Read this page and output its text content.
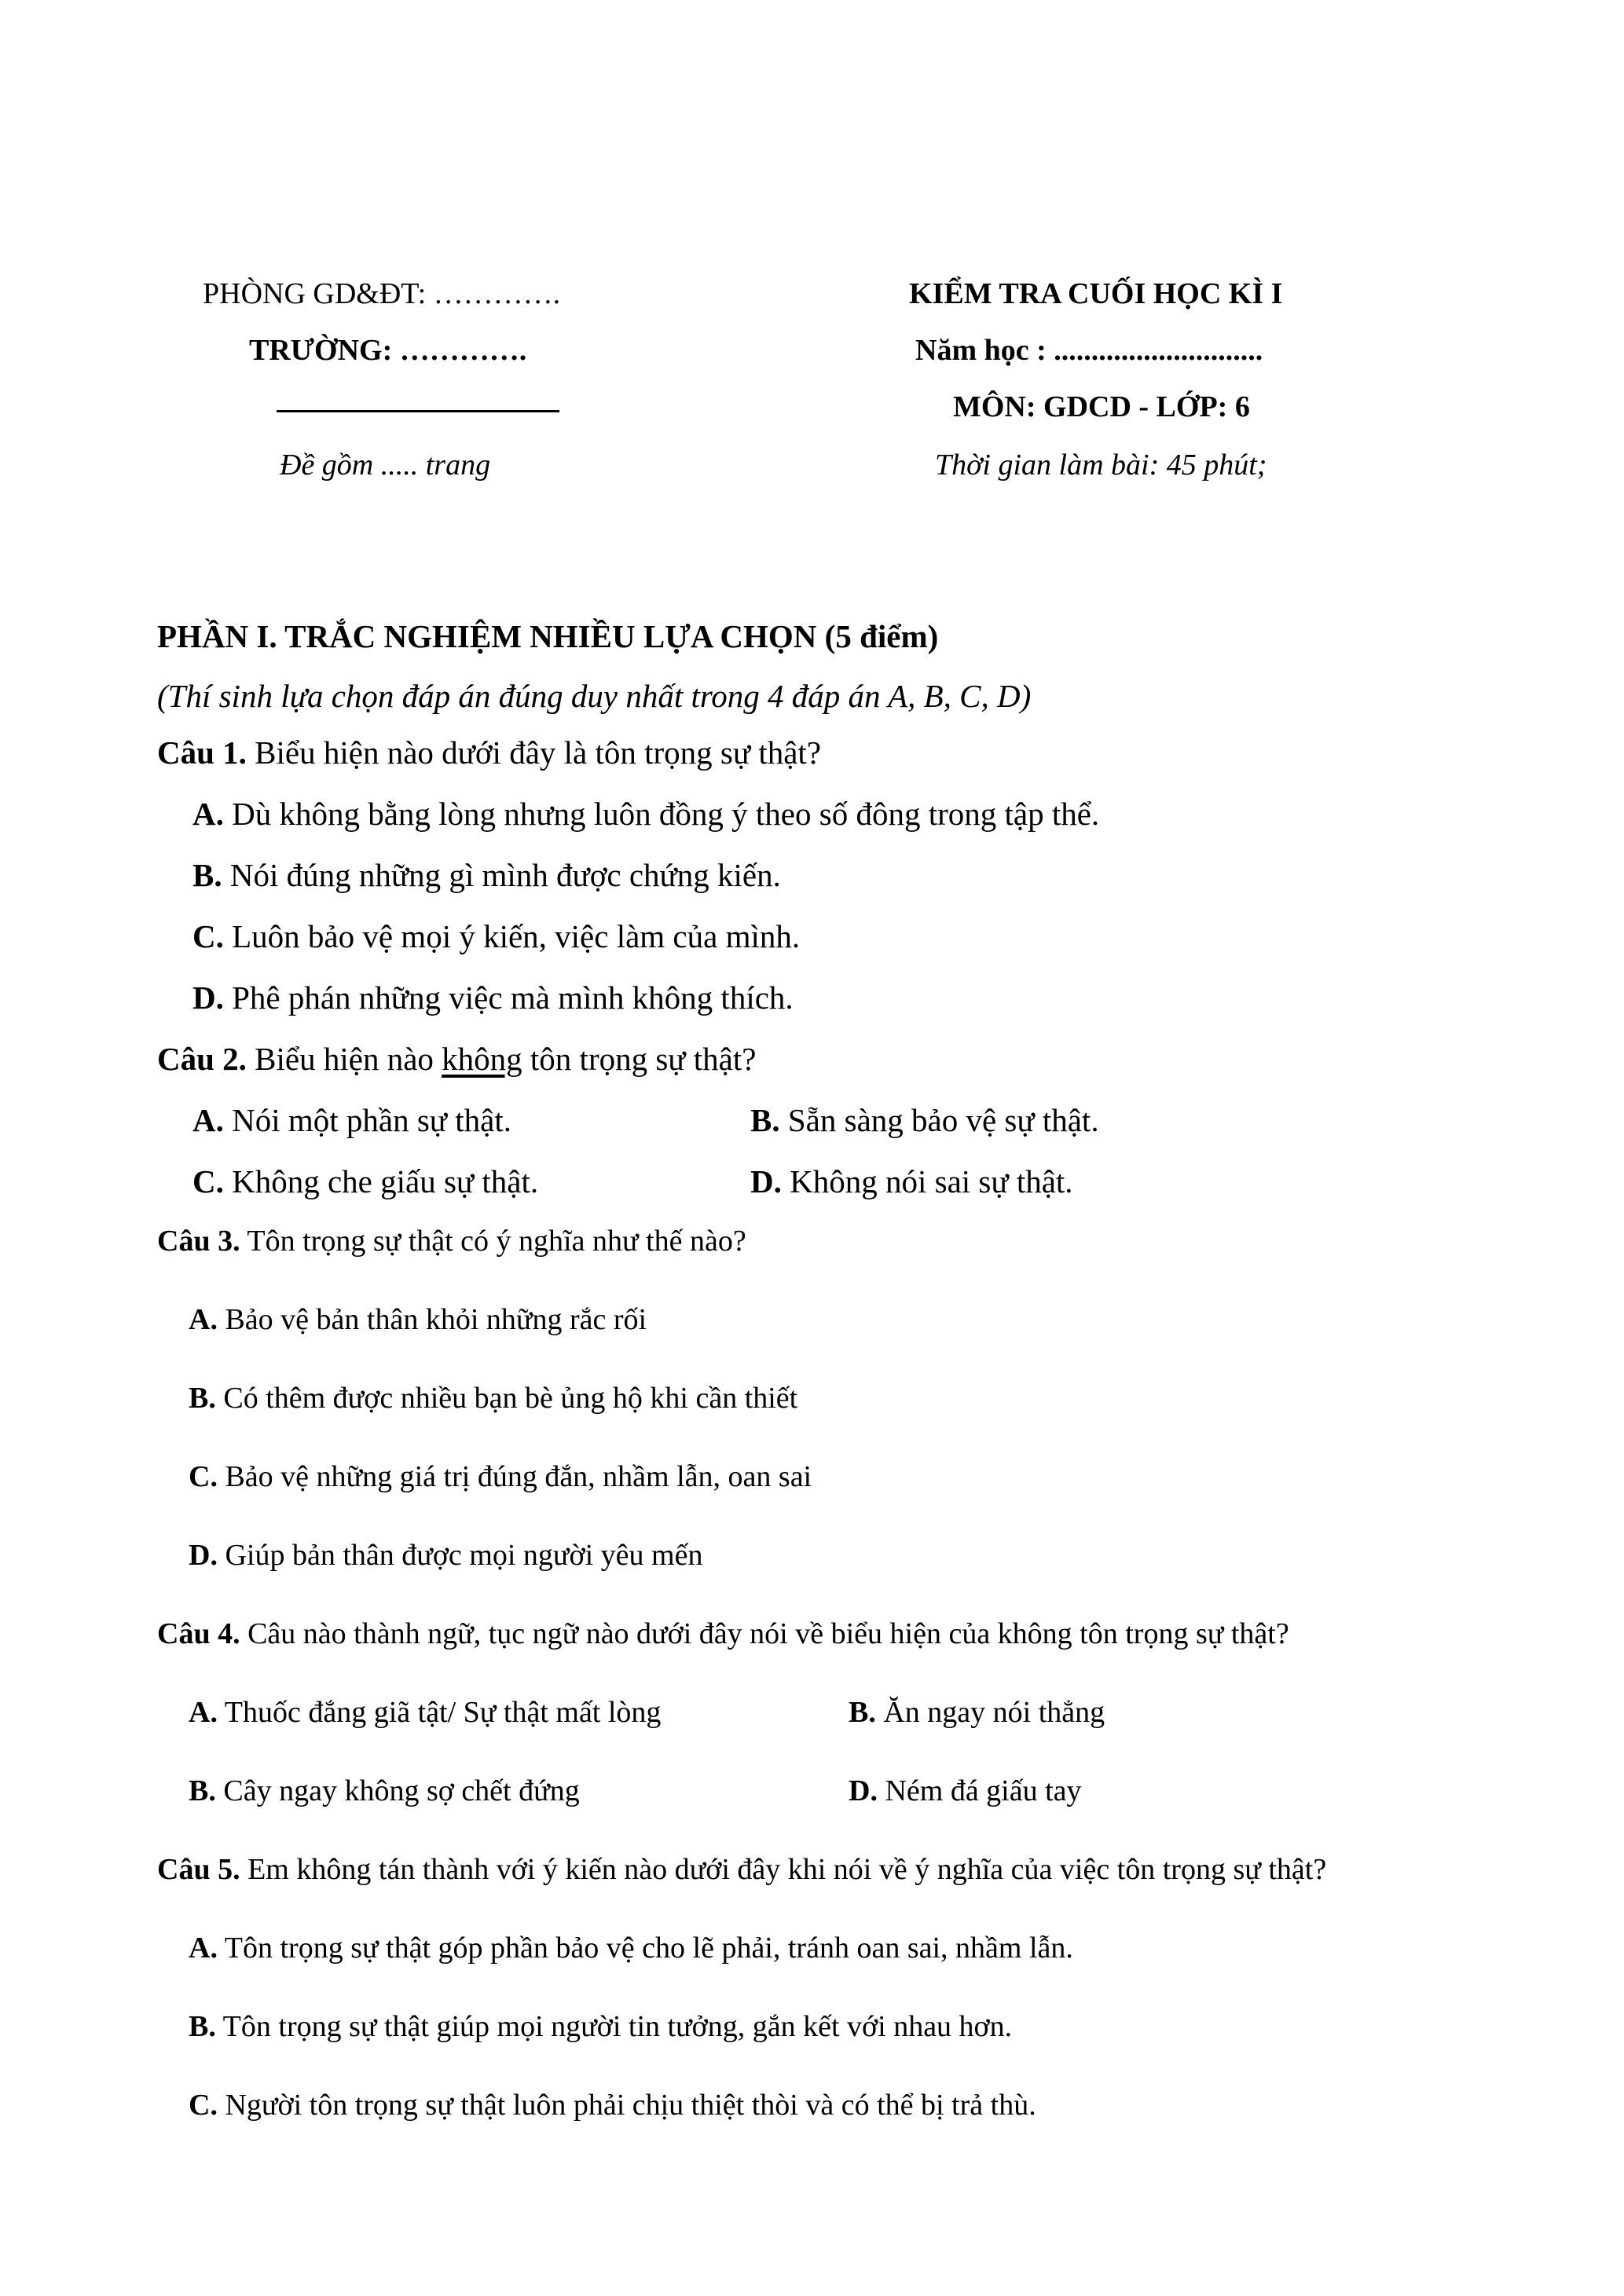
PHÒNG GD&ĐT: ………….
TRƯỜNG: ………….
Đề gồm ..... trang
KIỂM TRA CUỐI HỌC KÌ I
Năm học : ............................
MÔN: GDCD - LỚP: 6
Thời gian làm bài: 45 phút;
PHẦN I. TRẮC NGHIỆM NHIỀU LỰA CHỌN (5 điểm)
(Thí sinh lựa chọn đáp án đúng duy nhất trong 4 đáp án A, B, C, D)
Câu 1. Biểu hiện nào dưới đây là tôn trọng sự thật?
A. Dù không bằng lòng nhưng luôn đồng ý theo số đông trong tập thể.
B. Nói đúng những gì mình được chứng kiến.
C. Luôn bảo vệ mọi ý kiến, việc làm của mình.
D. Phê phán những việc mà mình không thích.
Câu 2. Biểu hiện nào không tôn trọng sự thật?
A. Nói một phần sự thật.	B. Sẵn sàng bảo vệ sự thật.
C. Không che giấu sự thật.	D. Không nói sai sự thật.
Câu 3. Tôn trọng sự thật có ý nghĩa như thế nào?
A. Bảo vệ bản thân khỏi những rắc rối
B. Có thêm được nhiều bạn bè ủng hộ khi cần thiết
C. Bảo vệ những giá trị đúng đắn, nhầm lẫn, oan sai
D. Giúp bản thân được mọi người yêu mến
Câu 4. Câu nào thành ngữ, tục ngữ nào dưới đây nói về biểu hiện của không tôn trọng sự thật?
A. Thuốc đắng giã tật/ Sự thật mất lòng	B. Ăn ngay nói thẳng
B. Cây ngay không sợ chết đứng	D. Ném đá giấu tay
Câu 5. Em không tán thành với ý kiến nào dưới đây khi nói về ý nghĩa của việc tôn trọng sự thật?
A. Tôn trọng sự thật góp phần bảo vệ cho lẽ phải, tránh oan sai, nhầm lẫn.
B. Tôn trọng sự thật giúp mọi người tin tưởng, gắn kết với nhau hơn.
C. Người tôn trọng sự thật luôn phải chịu thiệt thòi và có thể bị trả thù.
